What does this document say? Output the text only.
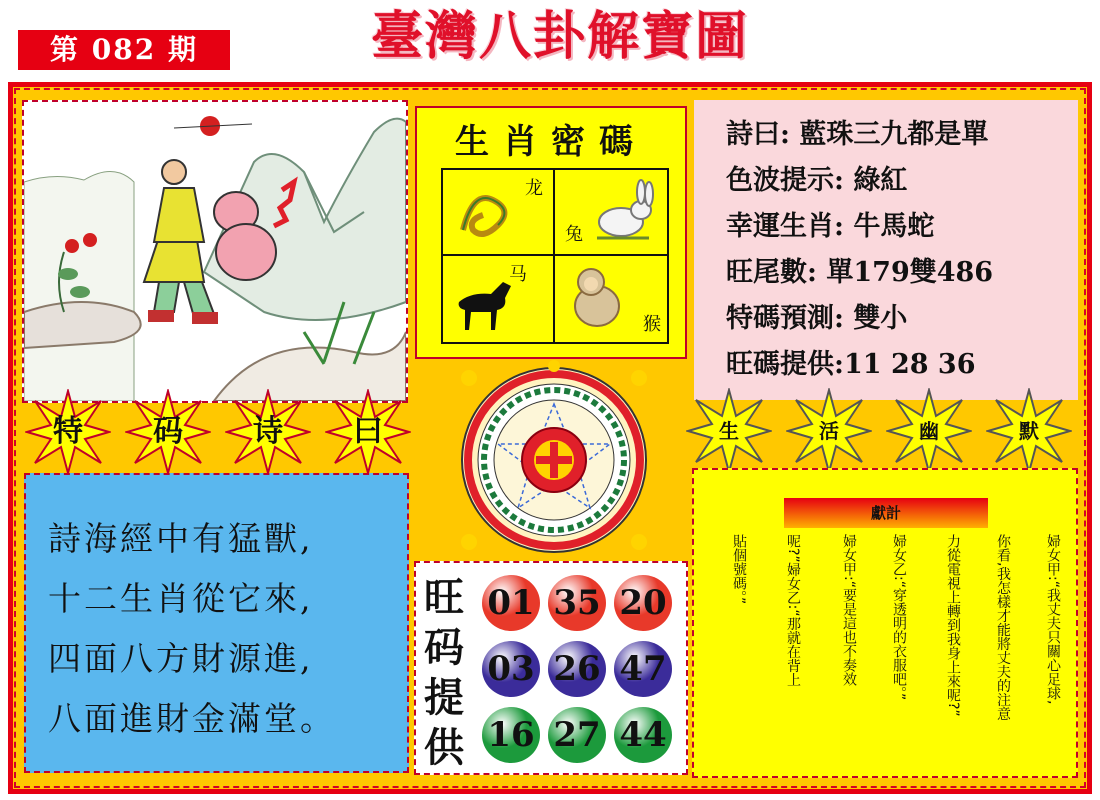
第 082 期	臺灣八卦解寶圖
生肖密碼
龙
兔
马
猴
詩曰: 藍珠三九都是單
色波提示: 綠紅
幸運生肖: 牛馬蛇
旺尾數: 單179雙486
特碼預測: 雙小
旺碼提供:11 28 36
特	码	诗	曰	生	活	幽	默
詩海經中有猛獸,
十二生肖從它來,
四面八方財源進,
八面進財金滿堂。
旺码提供
01 35 20
03 26 47
16 27 44
獻計
婦女甲:“我丈夫只關心足球,
你看,我怎樣才能將丈夫的注意
力從電視上轉到我身上來呢?”
婦女乙:“穿透明的衣服吧。”
婦女甲:“要是這也不奏效
呢?”婦女乙:“那就在背上
貼個號碼。”
